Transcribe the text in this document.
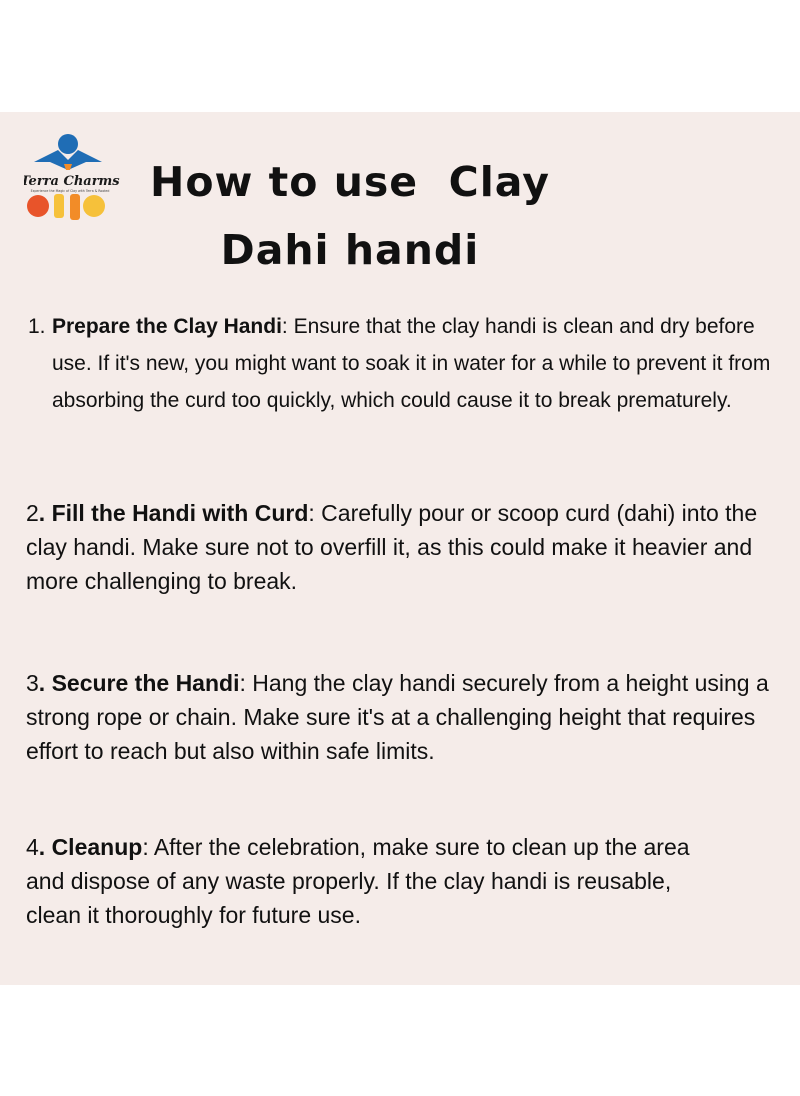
Terra Charms
Experience the Magic of Clay with Terra & Rooted How to use  Clay
Dahi handi
1. Prepare the Clay Handi: Ensure that the clay handi is clean and dry before use. If it's new, you might want to soak it in water for a while to prevent it from absorbing the curd too quickly, which could cause it to break prematurely.
2. Fill the Handi with Curd: Carefully pour or scoop curd (dahi) into the clay handi. Make sure not to overfill it, as this could make it heavier and more challenging to break.
3. Secure the Handi: Hang the clay handi securely from a height using a strong rope or chain. Make sure it's at a challenging height that requires effort to reach but also within safe limits.
4. Cleanup: After the celebration, make sure to clean up the area and dispose of any waste properly. If the clay handi is reusable, clean it thoroughly for future use.
